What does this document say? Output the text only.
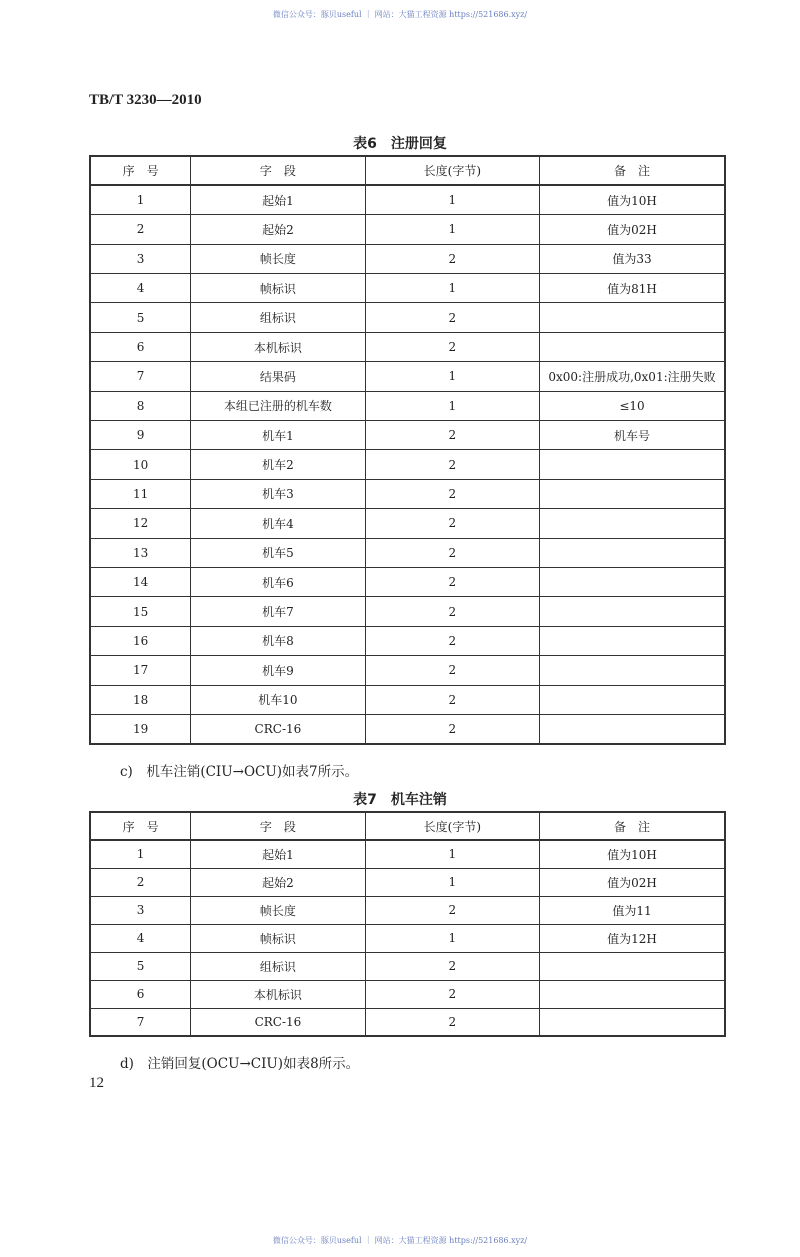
微信公众号：豚贝useful ｜ 网站：大猫工程资源 https://521686.xyz/
TB/T 3230—2010
表6　注册回复
序　号	字　段	长度(字节)	备　注
1	起始1	1	值为10H
2	起始2	1	值为02H
3	帧长度	2	值为33
4	帧标识	1	值为81H
5	组标识	2	
6	本机标识	2	
7	结果码	1	0x00:注册成功,0x01:注册失败
8	本组已注册的机车数	1	≤10
9	机车1	2	机车号
10	机车2	2	
11	机车3	2	
12	机车4	2	
13	机车5	2	
14	机车6	2	
15	机车7	2	
16	机车8	2	
17	机车9	2	
18	机车10	2	
19	CRC-16	2	
c)　机车注销(CIU→OCU)如表7所示。
表7　机车注销
序　号	字　段	长度(字节)	备　注
1	起始1	1	值为10H
2	起始2	1	值为02H
3	帧长度	2	值为11
4	帧标识	1	值为12H
5	组标识	2	
6	本机标识	2	
7	CRC-16	2	
d)　注销回复(OCU→CIU)如表8所示。
12
微信公众号：豚贝useful ｜ 网站：大猫工程资源 https://521686.xyz/
